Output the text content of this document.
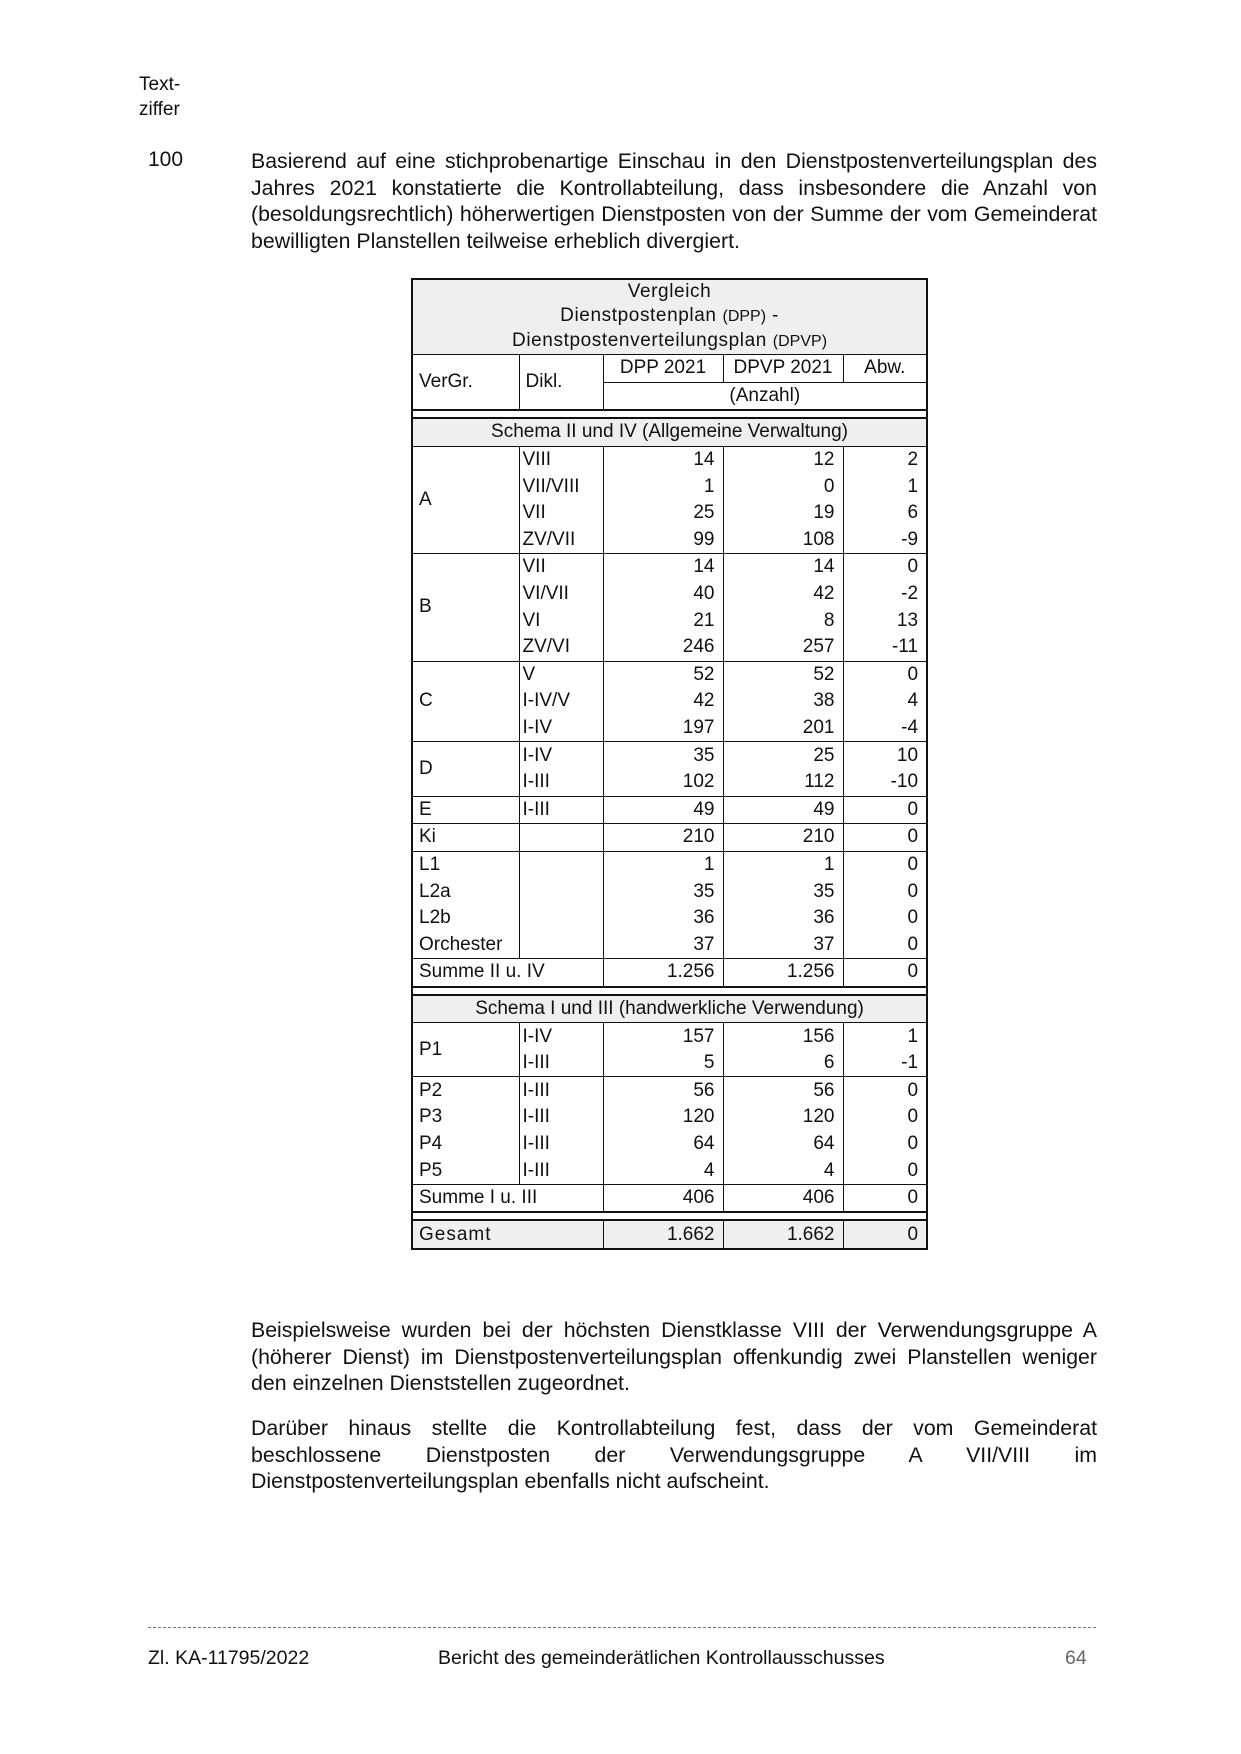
Text-
ziffer
100	Basierend auf eine stichprobenartige Einschau in den Dienstpostenverteilungsplan des Jahres 2021 konstatierte die Kontrollabteilung, dass insbesondere die Anzahl von (besoldungsrechtlich) höherwertigen Dienstposten von der Summe der vom Gemeinderat bewilligten Planstellen teilweise erheblich divergiert.

Vergleich
Dienstpostenplan (DPP) -
Dienstpostenverteilungsplan (DPVP)				

VerGr.	Dikl.	DPP 2021	DPVP 2021	Abw.
		(Anzahl)		

Schema II und IV (Allgemeine Verwaltung)				
A	VIII	14	12	2
	VII/VIII	1	0	1
	VII	25	19	6
	ZV/VII	99	108	-9
B	VII	14	14	0
	VI/VII	40	42	-2
	VI	21	8	13
	ZV/VI	246	257	-11
C	V	52	52	0
	I-IV/V	42	38	4
	I-IV	197	201	-4
D	I-IV	35	25	10
	I-III	102	112	-10
E	I-III	49	49	0
Ki		210	210	0
L1		1	1	0
L2a		35	35	0
L2b		36	36	0
Orchester		37	37	0
Summe II u. IV		1.256	1.256	0

Schema I und III (handwerkliche Verwendung)				
P1	I-IV	157	156	1
	I-III	5	6	-1
P2	I-III	56	56	0
P3	I-III	120	120	0
P4	I-III	64	64	0
P5	I-III	4	4	0
Summe I u. III		406	406	0

Gesamt		1.662	1.662	0

Beispielsweise wurden bei der höchsten Dienstklasse VIII der Verwendungsgruppe A (höherer Dienst) im Dienstpostenverteilungsplan offenkundig zwei Planstellen weniger den einzelnen Dienststellen zugeordnet.

Darüber hinaus stellte die Kontrollabteilung fest, dass der vom Gemeinderat beschlossene Dienstposten der Verwendungsgruppe A VII/VIII im Dienstpostenverteilungsplan ebenfalls nicht aufscheint.

Zl. KA-11795/2022	Bericht des gemeinderätlichen Kontrollausschusses	64
